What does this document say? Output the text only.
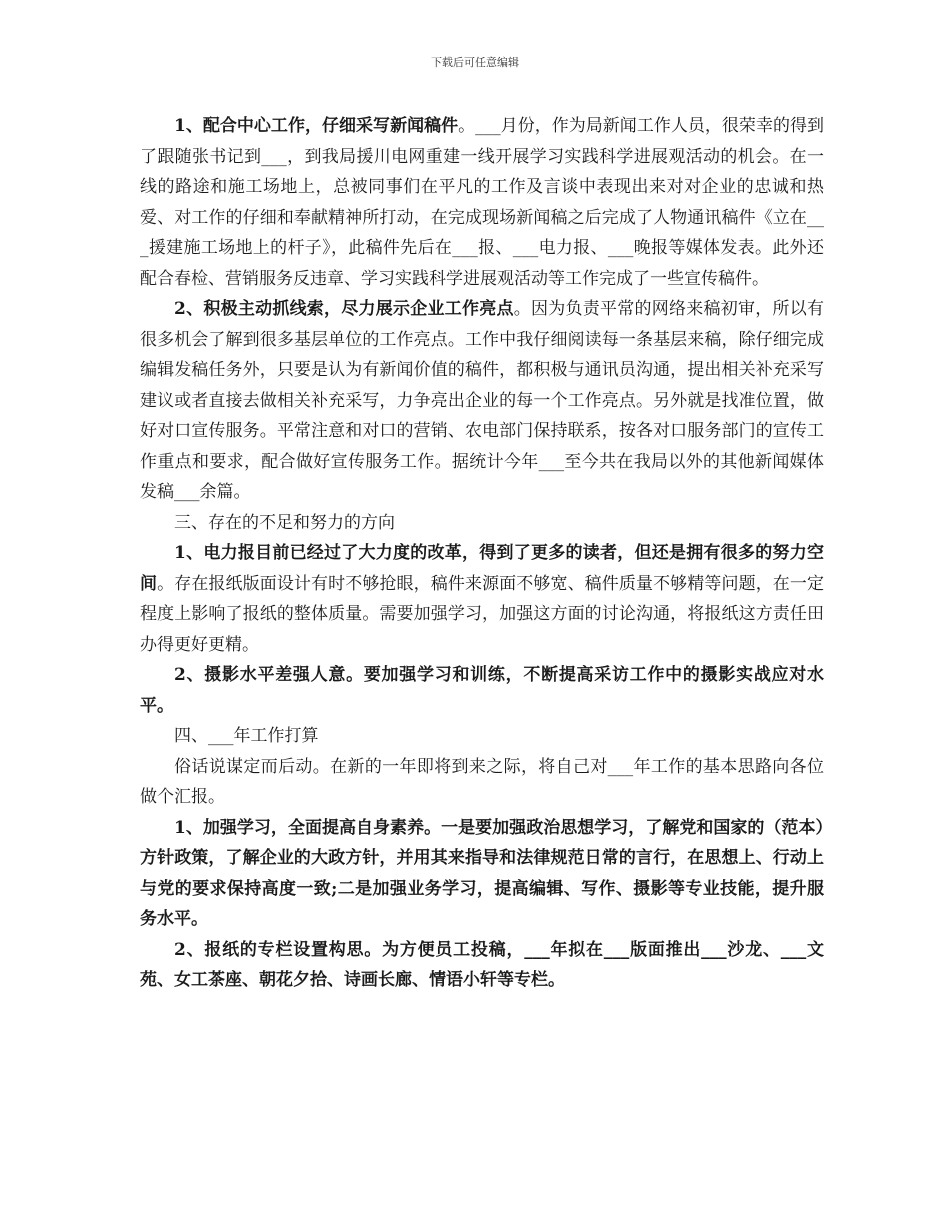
下载后可任意编辑

1、配合中心工作，仔细采写新闻稿件。___月份，作为局新闻工作人员，很荣幸的得到了跟随张书记到___，到我局援川电网重建一线开展学习实践科学进展观活动的机会。在一线的路途和施工场地上，总被同事们在平凡的工作及言谈中表现出来对对企业的忠诚和热爱、对工作的仔细和奉献精神所打动，在完成现场新闻稿之后完成了人物通讯稿件《立在___援建施工场地上的杆子》，此稿件先后在___报、___电力报、___晚报等媒体发表。此外还配合春检、营销服务反违章、学习实践科学进展观活动等工作完成了一些宣传稿件。

2、积极主动抓线索，尽力展示企业工作亮点。因为负责平常的网络来稿初审，所以有很多机会了解到很多基层单位的工作亮点。工作中我仔细阅读每一条基层来稿，除仔细完成编辑发稿任务外，只要是认为有新闻价值的稿件，都积极与通讯员沟通，提出相关补充采写建议或者直接去做相关补充采写，力争亮出企业的每一个工作亮点。另外就是找准位置，做好对口宣传服务。平常注意和对口的营销、农电部门保持联系，按各对口服务部门的宣传工作重点和要求，配合做好宣传服务工作。据统计今年___至今共在我局以外的其他新闻媒体发稿___余篇。

三、存在的不足和努力的方向

1、电力报目前已经过了大力度的改革，得到了更多的读者，但还是拥有很多的努力空间。存在报纸版面设计有时不够抢眼，稿件来源面不够宽、稿件质量不够精等问题，在一定程度上影响了报纸的整体质量。需要加强学习，加强这方面的讨论沟通，将报纸这方责任田办得更好更精。

2、摄影水平差强人意。要加强学习和训练，不断提高采访工作中的摄影实战应对水平。

四、___年工作打算

俗话说谋定而后动。在新的一年即将到来之际，将自己对___年工作的基本思路向各位做个汇报。

1、加强学习，全面提高自身素养。一是要加强政治思想学习，了解党和国家的（范本）方针政策，了解企业的大政方针，并用其来指导和法律规范日常的言行，在思想上、行动上与党的要求保持高度一致;二是加强业务学习，提高编辑、写作、摄影等专业技能，提升服务水平。

2、报纸的专栏设置构思。为方便员工投稿，___年拟在___版面推出___沙龙、___文苑、女工茶座、朝花夕拾、诗画长廊、情语小轩等专栏。
